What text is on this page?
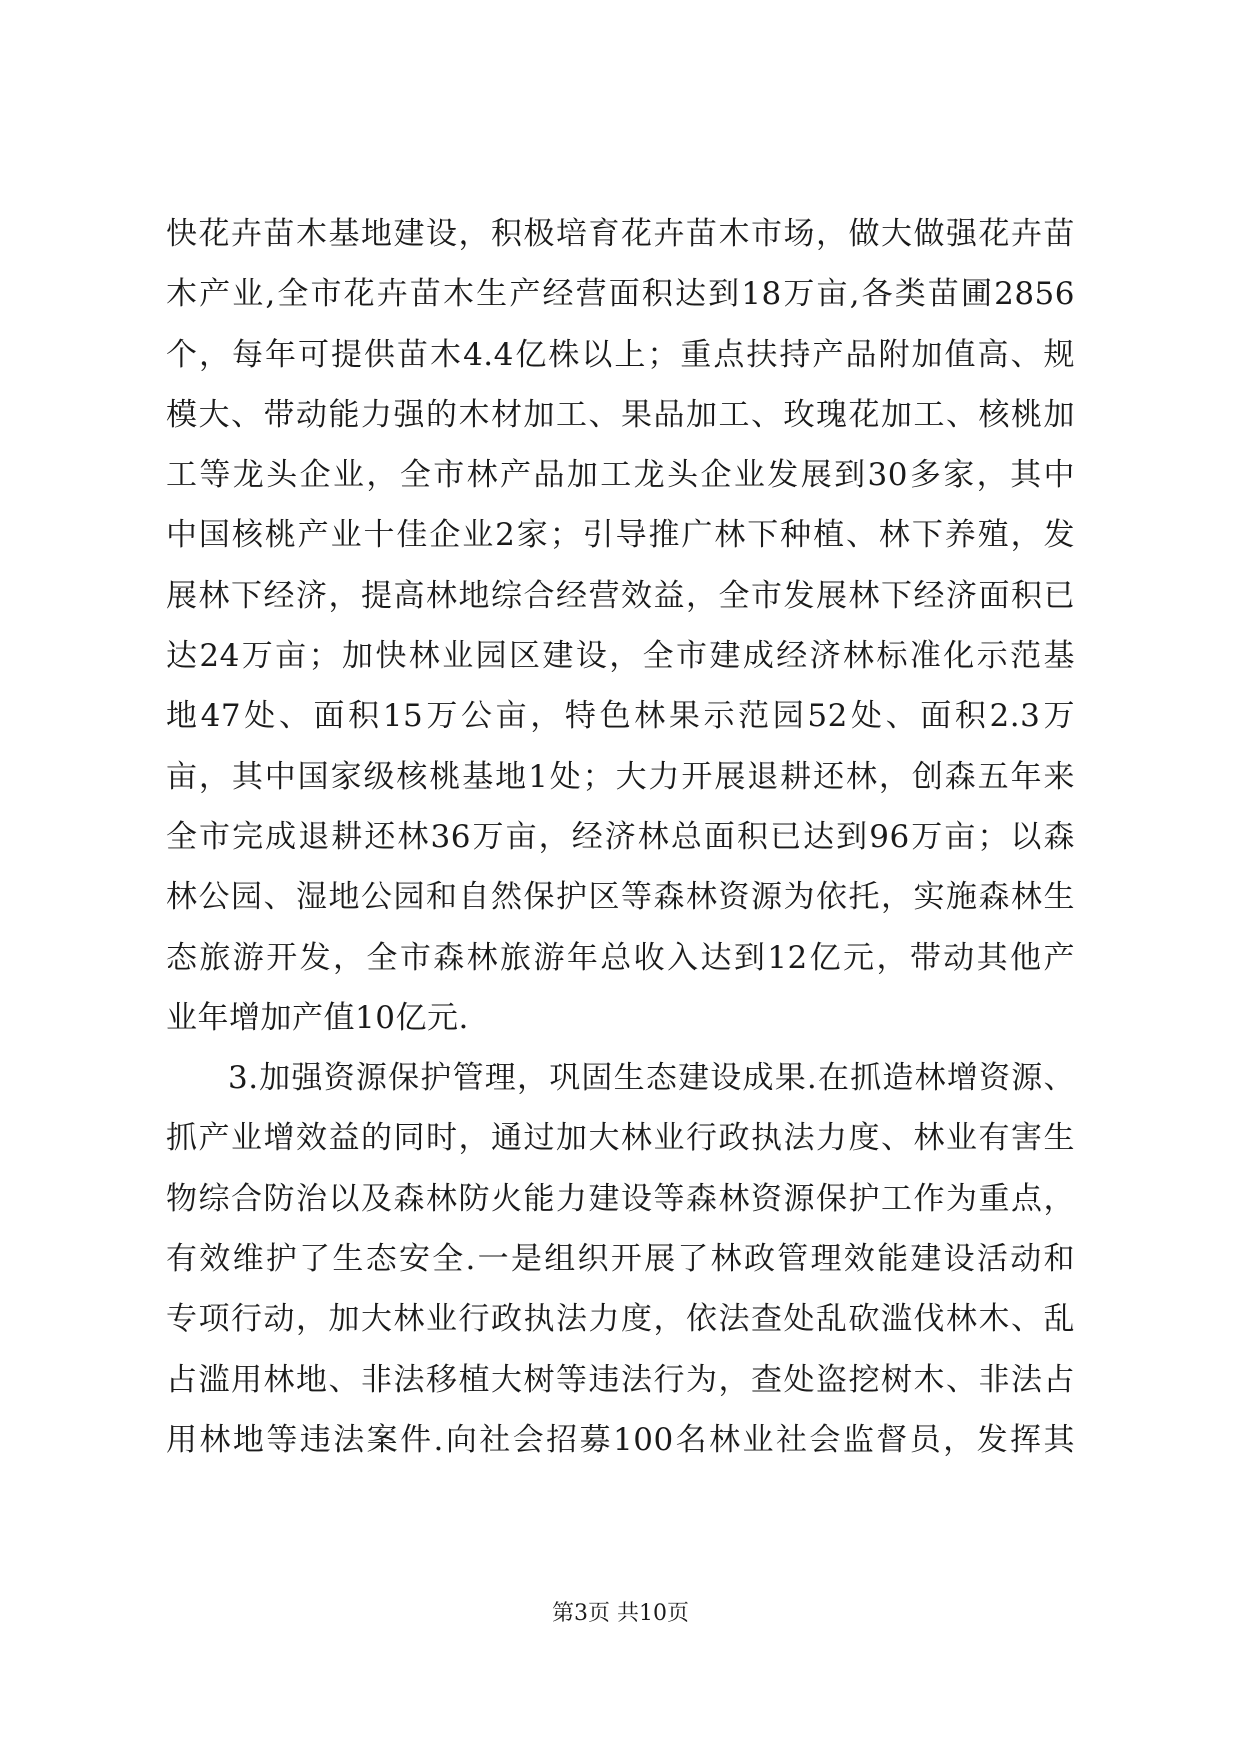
快花卉苗木基地建设，积极培育花卉苗木市场，做大做强花卉苗
木产业,全市花卉苗木生产经营面积达到18万亩,各类苗圃2856
个，每年可提供苗木4.4亿株以上；重点扶持产品附加值高、规
模大、带动能力强的木材加工、果品加工、玫瑰花加工、核桃加
工等龙头企业，全市林产品加工龙头企业发展到30多家，其中
中国核桃产业十佳企业2家；引导推广林下种植、林下养殖，发
展林下经济，提高林地综合经营效益，全市发展林下经济面积已
达24万亩；加快林业园区建设，全市建成经济林标准化示范基
地47处、面积15万公亩，特色林果示范园52处、面积2.3万
亩，其中国家级核桃基地1处；大力开展退耕还林，创森五年来
全市完成退耕还林36万亩，经济林总面积已达到96万亩；以森
林公园、湿地公园和自然保护区等森林资源为依托，实施森林生
态旅游开发，全市森林旅游年总收入达到12亿元，带动其他产
业年增加产值10亿元.
3.加强资源保护管理，巩固生态建设成果.在抓造林增资源、
抓产业增效益的同时，通过加大林业行政执法力度、林业有害生
物综合防治以及森林防火能力建设等森林资源保护工作为重点，
有效维护了生态安全.一是组织开展了林政管理效能建设活动和
专项行动，加大林业行政执法力度，依法查处乱砍滥伐林木、乱
占滥用林地、非法移植大树等违法行为，查处盗挖树木、非法占
用林地等违法案件.向社会招募100名林业社会监督员，发挥其
第3页 共10页
